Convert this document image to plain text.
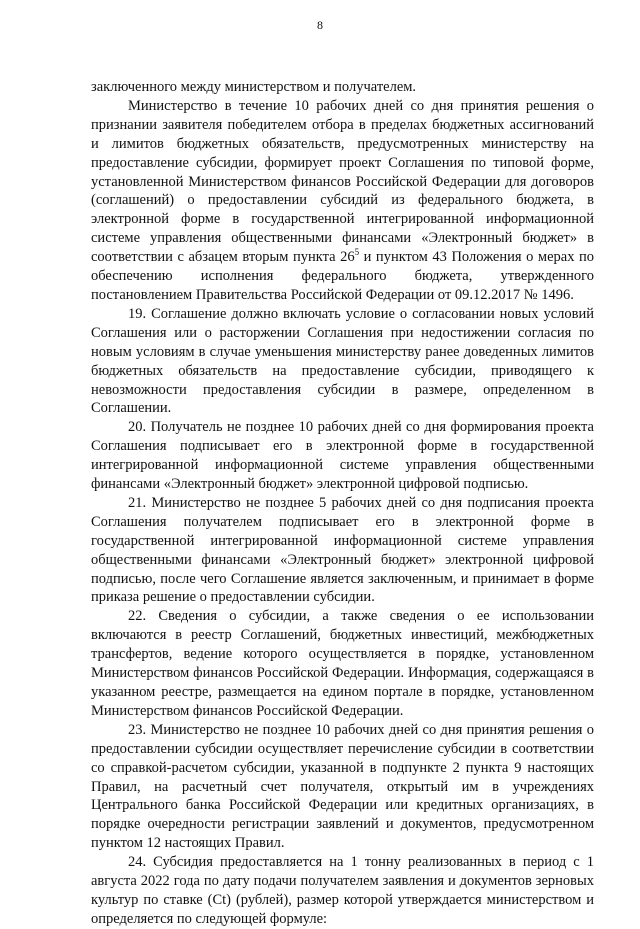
8

заключенного между министерством и получателем.

Министерство в течение 10 рабочих дней со дня принятия решения о признании заявителя победителем отбора в пределах бюджетных ассигнований и лимитов бюджетных обязательств, предусмотренных министерству на предоставление субсидии, формирует проект Соглашения по типовой форме, установленной Министерством финансов Российской Федерации для договоров (соглашений) о предоставлении субсидий из федерального бюджета, в электронной форме в государственной интегрированной информационной системе управления общественными финансами «Электронный бюджет» в соответствии с абзацем вторым пункта $26^5$ и пунктом 43 Положения о мерах по обеспечению исполнения федерального бюджета, утвержденного постановлением Правительства Российской Федерации от 09.12.2017 № 1496.

19. Соглашение должно включать условие о согласовании новых условий Соглашения или о расторжении Соглашения при недостижении согласия по новым условиям в случае уменьшения министерству ранее доведенных лимитов бюджетных обязательств на предоставление субсидии, приводящего к невозможности предоставления субсидии в размере, определенном в Соглашении.

20. Получатель не позднее 10 рабочих дней со дня формирования проекта Соглашения подписывает его в электронной форме в государственной интегрированной информационной системе управления общественными финансами «Электронный бюджет» электронной цифровой подписью.

21. Министерство не позднее 5 рабочих дней со дня подписания проекта Соглашения получателем подписывает его в электронной форме в государственной интегрированной информационной системе управления общественными финансами «Электронный бюджет» электронной цифровой подписью, после чего Соглашение является заключенным, и принимает в форме приказа решение о предоставлении субсидии.

22. Сведения о субсидии, а также сведения о ее использовании включаются в реестр Соглашений, бюджетных инвестиций, межбюджетных трансфертов, ведение которого осуществляется в порядке, установленном Министерством финансов Российской Федерации. Информация, содержащаяся в указанном реестре, размещается на едином портале в порядке, установленном Министерством финансов Российской Федерации.

23. Министерство не позднее 10 рабочих дней со дня принятия решения о предоставлении субсидии осуществляет перечисление субсидии в соответствии со справкой-расчетом субсидии, указанной в подпункте 2 пункта 9 настоящих Правил, на расчетный счет получателя, открытый им в учреждениях Центрального банка Российской Федерации или кредитных организациях, в порядке очередности регистрации заявлений и документов, предусмотренном пунктом 12 настоящих Правил.

24. Субсидия предоставляется на 1 тонну реализованных в период с 1 августа 2022 года по дату подачи получателем заявления и документов зерновых культур по ставке (Ct) (рублей), размер которой утверждается министерством и определяется по следующей формуле:
